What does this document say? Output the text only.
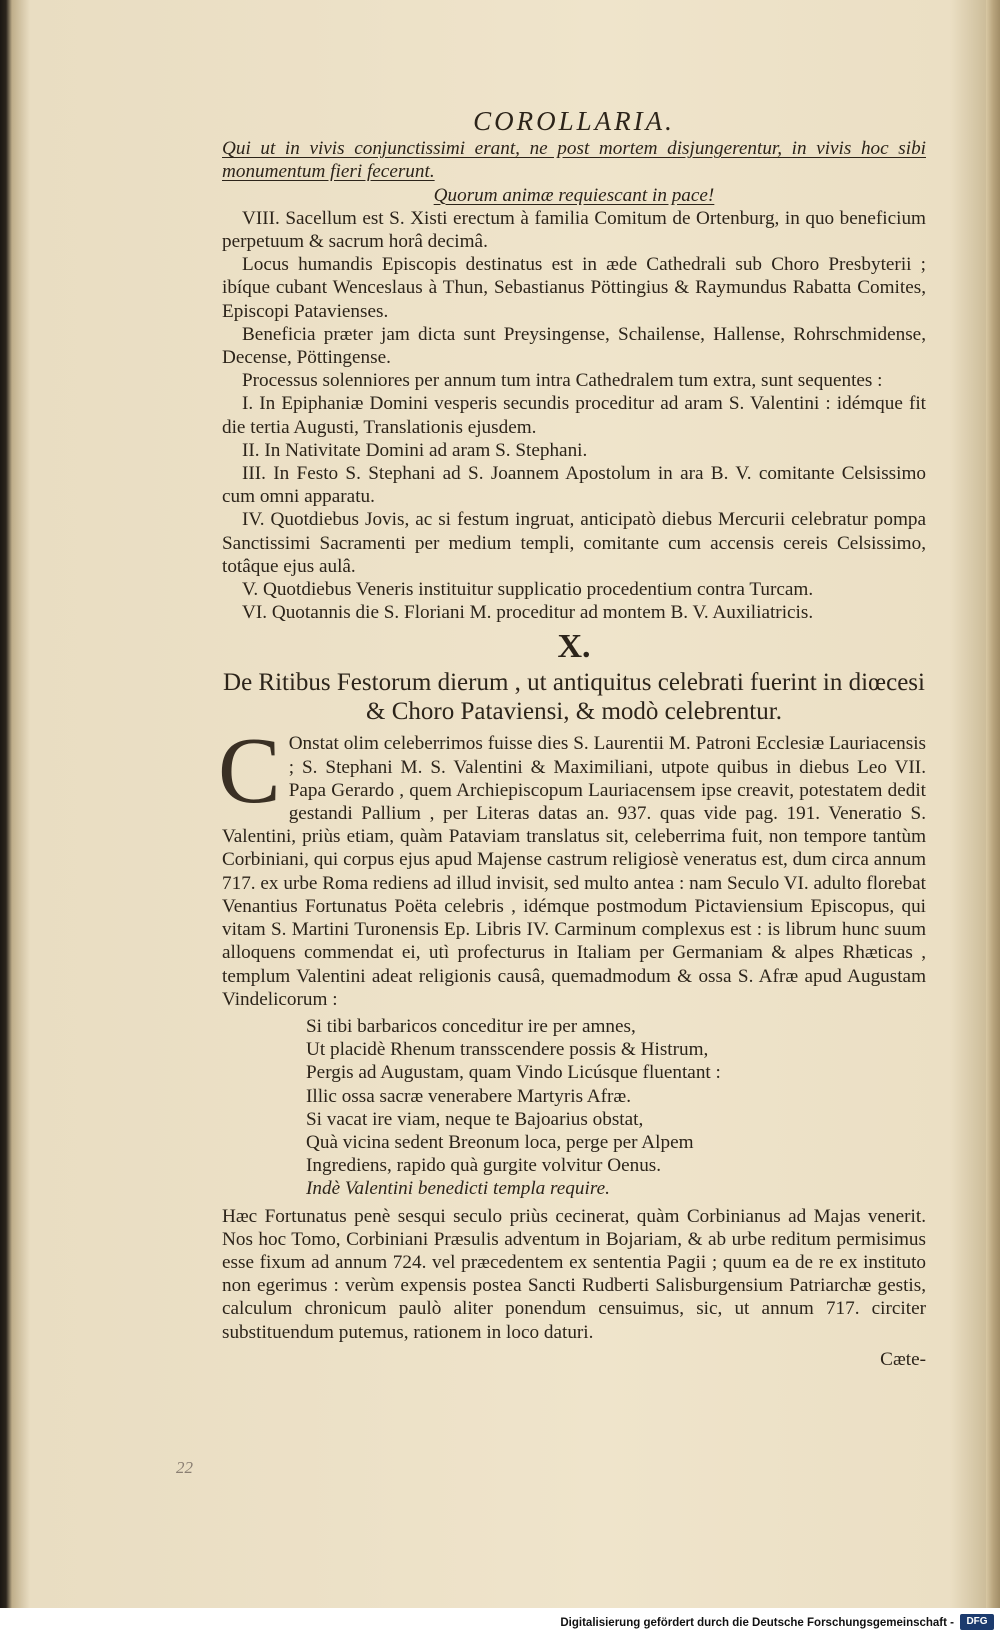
COROLLARIA.

Qui ut in vivis conjunctissimi erant, ne post mortem disjungerentur, in vivis hoc sibi monumentum fieri fecerunt.

Quorum animæ requiescant in pace!

VIII. Sacellum est S. Xisti erectum à familia Comitum de Ortenburg, in quo beneficium perpetuum & sacrum horâ decimâ.

Locus humandis Episcopis destinatus est in æde Cathedrali sub Choro Presbyterii ; ibíque cubant Wenceslaus à Thun, Sebastianus Pöttingius & Raymundus Rabatta Comites, Episcopi Patavienses.

Beneficia præter jam dicta sunt Preysingense, Schailense, Hallense, Rohrschmidense, Decense, Pöttingense.

Processus solenniores per annum tum intra Cathedralem tum extra, sunt sequentes :

I. In Epiphaniæ Domini vesperis secundis proceditur ad aram S. Valentini : idémque fit die tertia Augusti, Translationis ejusdem.

II. In Nativitate Domini ad aram S. Stephani.

III. In Festo S. Stephani ad S. Joannem Apostolum in ara B. V. comitante Celsissimo cum omni apparatu.

IV. Quotdiebus Jovis, ac si festum ingruat, anticipatò diebus Mercurii celebratur pompa Sanctissimi Sacramenti per medium templi, comitante cum accensis cereis Celsissimo, totâque ejus aulâ.

V. Quotdiebus Veneris instituitur supplicatio procedentium contra Turcam.

VI. Quotannis die S. Floriani M. proceditur ad montem B. V. Auxiliatricis.

X.
De Ritibus Festorum dierum , ut antiquitus celebrati fuerint in diœcesi & Choro Pataviensi, & modò celebrentur.

C Onstat olim celeberrimos fuisse dies S. Laurentii M. Patroni Ecclesiæ Lauriacensis ; S. Stephani M. S. Valentini & Maximiliani, utpote quibus in diebus Leo VII. Papa Gerardo , quem Archiepiscopum Lauriacensem ipse creavit, potestatem dedit gestandi Pallium , per Literas datas an. 937. quas vide pag. 191. Veneratio S. Valentini, priùs etiam, quàm Pataviam translatus sit, celeberrima fuit, non tempore tantùm Corbiniani, qui corpus ejus apud Majense castrum religiosè veneratus est, dum circa annum 717. ex urbe Roma rediens ad illud invisit, sed multo antea : nam Seculo VI. adulto florebat Venantius Fortunatus Poëta celebris , idémque postmodum Pictaviensium Episcopus, qui vitam S. Martini Turonensis Ep. Libris IV. Carminum complexus est : is librum hunc suum alloquens commendat ei, utì profecturus in Italiam per Germaniam & alpes Rhæticas , templum Valentini adeat religionis causâ, quemadmodum & ossa S. Afræ apud Augustam Vindelicorum :

Si tibi barbaricos conceditur ire per amnes,
Ut placidè Rhenum transscendere possis & Histrum,
Pergis ad Augustam, quam Vindo Licúsque fluentant :
Illic ossa sacræ venerabere Martyris Afræ.
Si vacat ire viam, neque te Bajoarius obstat,
Quà vicina sedent Breonum loca, perge per Alpem
Ingrediens, rapido quà gurgite volvitur Oenus.
Indè Valentini benedicti templa require.

Hæc Fortunatus penè sesqui seculo priùs cecinerat, quàm Corbinianus ad Majas venerit. Nos hoc Tomo, Corbiniani Præsulis adventum in Bojariam, & ab urbe reditum permisimus esse fixum ad annum 724. vel præcedentem ex sententia Pagii ; quum ea de re ex instituto non egerimus : verùm expensis postea Sancti Rudberti Salisburgensium Patriarchæ gestis, calculum chronicum paulò aliter ponendum censuimus, sic, ut annum 717. circiter substituendum putemus, rationem in loco daturi.

Cæte-
22
Digitalisierung gefördert durch die Deutsche Forschungsgemeinschaft -	DFG
